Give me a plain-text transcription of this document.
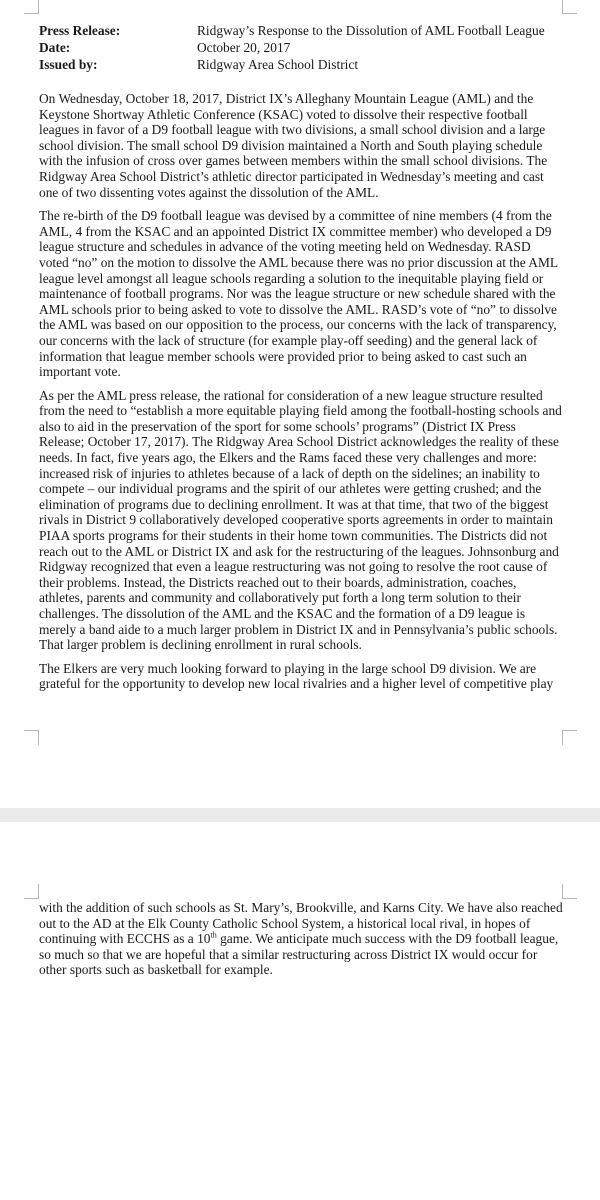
Press Release:	Ridgway’s Response to the Dissolution of AML Football League
Date:	October 20, 2017
Issued by:	Ridgway Area School District

On Wednesday, October 18, 2017, District IX’s Alleghany Mountain League (AML) and the Keystone Shortway Athletic Conference (KSAC) voted to dissolve their respective football leagues in favor of a D9 football league with two divisions, a small school division and a large school division. The small school D9 division maintained a North and South playing schedule with the infusion of cross over games between members within the small school divisions. The Ridgway Area School District’s athletic director participated in Wednesday’s meeting and cast one of two dissenting votes against the dissolution of the AML.

The re-birth of the D9 football league was devised by a committee of nine members (4 from the AML, 4 from the KSAC and an appointed District IX committee member) who developed a D9 league structure and schedules in advance of the voting meeting held on Wednesday. RASD voted “no” on the motion to dissolve the AML because there was no prior discussion at the AML league level amongst all league schools regarding a solution to the inequitable playing field or maintenance of football programs. Nor was the league structure or new schedule shared with the AML schools prior to being asked to vote to dissolve the AML. RASD’s vote of “no” to dissolve the AML was based on our opposition to the process, our concerns with the lack of transparency, our concerns with the lack of structure (for example play-off seeding) and the general lack of information that league member schools were provided prior to being asked to cast such an important vote.

As per the AML press release, the rational for consideration of a new league structure resulted from the need to “establish a more equitable playing field among the football-hosting schools and also to aid in the preservation of the sport for some schools’ programs” (District IX Press Release; October 17, 2017). The Ridgway Area School District acknowledges the reality of these needs. In fact, five years ago, the Elkers and the Rams faced these very challenges and more: increased risk of injuries to athletes because of a lack of depth on the sidelines; an inability to compete – our individual programs and the spirit of our athletes were getting crushed; and the elimination of programs due to declining enrollment. It was at that time, that two of the biggest rivals in District 9 collaboratively developed cooperative sports agreements in order to maintain PIAA sports programs for their students in their home town communities. The Districts did not reach out to the AML or District IX and ask for the restructuring of the leagues. Johnsonburg and Ridgway recognized that even a league restructuring was not going to resolve the root cause of their problems. Instead, the Districts reached out to their boards, administration, coaches, athletes, parents and community and collaboratively put forth a long term solution to their challenges. The dissolution of the AML and the KSAC and the formation of a D9 league is merely a band aide to a much larger problem in District IX and in Pennsylvania’s public schools. That larger problem is declining enrollment in rural schools.

The Elkers are very much looking forward to playing in the large school D9 division. We are grateful for the opportunity to develop new local rivalries and a higher level of competitive play

with the addition of such schools as St. Mary’s, Brookville, and Karns City. We have also reached out to the AD at the Elk County Catholic School System, a historical local rival, in hopes of continuing with ECCHS as a 10th game. We anticipate much success with the D9 football league, so much so that we are hopeful that a similar restructuring across District IX would occur for other sports such as basketball for example.
